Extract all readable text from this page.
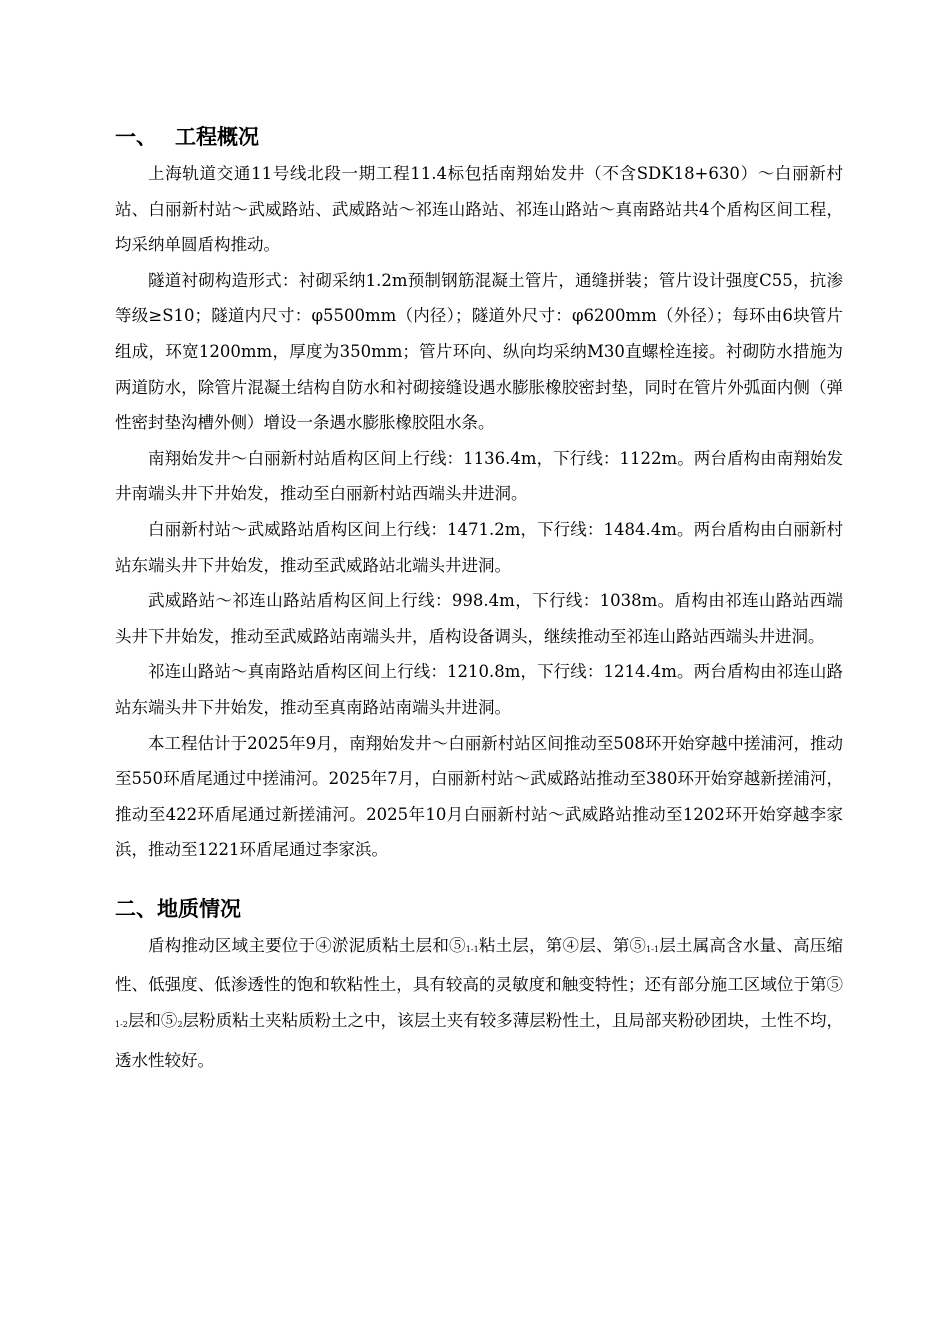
一、 工程概况

上海轨道交通11号线北段一期工程11.4标包括南翔始发井（不含SDK18+630）～白丽新村站、白丽新村站～武威路站、武威路站～祁连山路站、祁连山路站～真南路站共4个盾构区间工程，均采纳单圆盾构推动。

隧道衬砌构造形式：衬砌采纳1.2m预制钢筋混凝土管片，通缝拼装；管片设计强度C55，抗渗等级≥S10；隧道内尺寸：φ5500mm（内径）；隧道外尺寸：φ6200mm（外径）；每环由6块管片组成，环宽1200mm，厚度为350mm；管片环向、纵向均采纳M30直螺栓连接。衬砌防水措施为两道防水，除管片混凝土结构自防水和衬砌接缝设遇水膨胀橡胶密封垫，同时在管片外弧面内侧（弹性密封垫沟槽外侧）增设一条遇水膨胀橡胶阻水条。

南翔始发井～白丽新村站盾构区间上行线：1136.4m，下行线：1122m。两台盾构由南翔始发井南端头井下井始发，推动至白丽新村站西端头井进洞。

白丽新村站～武威路站盾构区间上行线：1471.2m，下行线：1484.4m。两台盾构由白丽新村站东端头井下井始发，推动至武威路站北端头井进洞。

武威路站～祁连山路站盾构区间上行线：998.4m，下行线：1038m。盾构由祁连山路站西端头井下井始发，推动至武威路站南端头井，盾构设备调头，继续推动至祁连山路站西端头井进洞。

祁连山路站～真南路站盾构区间上行线：1210.8m，下行线：1214.4m。两台盾构由祁连山路站东端头井下井始发，推动至真南路站南端头井进洞。

本工程估计于2025年9月，南翔始发井～白丽新村站区间推动至508环开始穿越中搓浦河，推动至550环盾尾通过中搓浦河。2025年7月，白丽新村站～武威路站推动至380环开始穿越新搓浦河，推动至422环盾尾通过新搓浦河。2025年10月白丽新村站～武威路站推动至1202环开始穿越李家浜，推动至1221环盾尾通过李家浜。

二、地质情况

盾构推动区域主要位于④淤泥质粘土层和$⑤_{1-1}$粘土层，第④层、第$⑤_{1-1}$层土属高含水量、高压缩性、低强度、低渗透性的饱和软粘性土，具有较高的灵敏度和触变特性；还有部分施工区域位于第$⑤_{1-2}$层和$⑤_2$层粉质粘土夹粘质粉土之中，该层土夹有较多薄层粉性土，且局部夹粉砂团块，土性不均，透水性较好。
